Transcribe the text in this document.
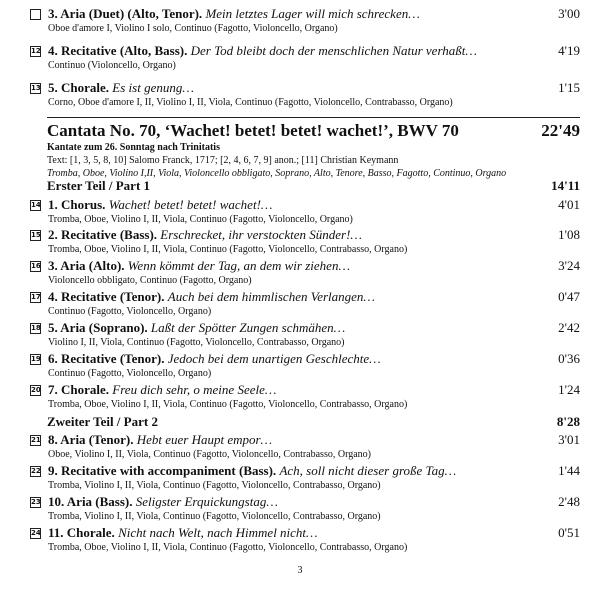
3. Aria (Duet) (Alto, Tenor). Mein letztes Lager will mich schrecken…	3'00
Oboe d'amore I, Violino I solo, Continuo (Fagotto, Violoncello, Organo)
12 4. Recitative (Alto, Bass). Der Tod bleibt doch der menschlichen Natur verhaßt…	4'19
Continuo (Violoncello, Organo)
13 5. Chorale. Es ist genung…	1'15
Corno, Oboe d'amore I, II, Violino I, II, Viola, Continuo (Fagotto, Violoncello, Contrabasso, Organo)
Cantata No. 70, ‘Wachet! betet! betet! wachet!’, BWV 70	22'49
Kantate zum 26. Sonntag nach Trinitatis
Text: [1, 3, 5, 8, 10] Salomo Franck, 1717; [2, 4, 6, 7, 9] anon.; [11] Christian Keymann
Tromba, Oboe, Violino I,II, Viola, Violoncello obbligato, Soprano, Alto, Tenore, Basso, Fagotto, Continuo, Organo
Erster Teil / Part 1	14'11
14 1. Chorus. Wachet! betet! betet! wachet!…	4'01
Tromba, Oboe, Violino I, II, Viola, Continuo (Fagotto, Violoncello, Organo)
15 2. Recitative (Bass). Erschrecket, ihr verstockten Sünder!…	1'08
Tromba, Oboe, Violino I, II, Viola, Continuo (Fagotto, Violoncello, Contrabasso, Organo)
16 3. Aria (Alto). Wenn kömmt der Tag, an dem wir ziehen…	3'24
Violoncello obbligato, Continuo (Fagotto, Organo)
17 4. Recitative (Tenor). Auch bei dem himmlischen Verlangen…	0'47
Continuo (Fagotto, Violoncello, Organo)
18 5. Aria (Soprano). Laßt der Spötter Zungen schmähen…	2'42
Violino I, II, Viola, Continuo (Fagotto, Violoncello, Contrabasso, Organo)
19 6. Recitative (Tenor). Jedoch bei dem unartigen Geschlechte…	0'36
Continuo (Fagotto, Violoncello, Organo)
20 7. Chorale. Freu dich sehr, o meine Seele…	1'24
Tromba, Oboe, Violino I, II, Viola, Continuo (Fagotto, Violoncello, Contrabasso, Organo)
Zweiter Teil / Part 2	8'28
21 8. Aria (Tenor). Hebt euer Haupt empor…	3'01
Oboe, Violino I, II, Viola, Continuo (Fagotto, Violoncello, Contrabasso, Organo)
22 9. Recitative with accompaniment (Bass). Ach, soll nicht dieser große Tag…	1'44
Tromba, Violino I, II, Viola, Continuo (Fagotto, Violoncello, Contrabasso, Organo)
23 10. Aria (Bass). Seligster Erquickungstag…	2'48
Tromba, Violino I, II, Viola, Continuo (Fagotto, Violoncello, Contrabasso, Organo)
24 11. Chorale. Nicht nach Welt, nach Himmel nicht…	0'51
Tromba, Oboe, Violino I, II, Viola, Continuo (Fagotto, Violoncello, Contrabasso, Organo)
3
